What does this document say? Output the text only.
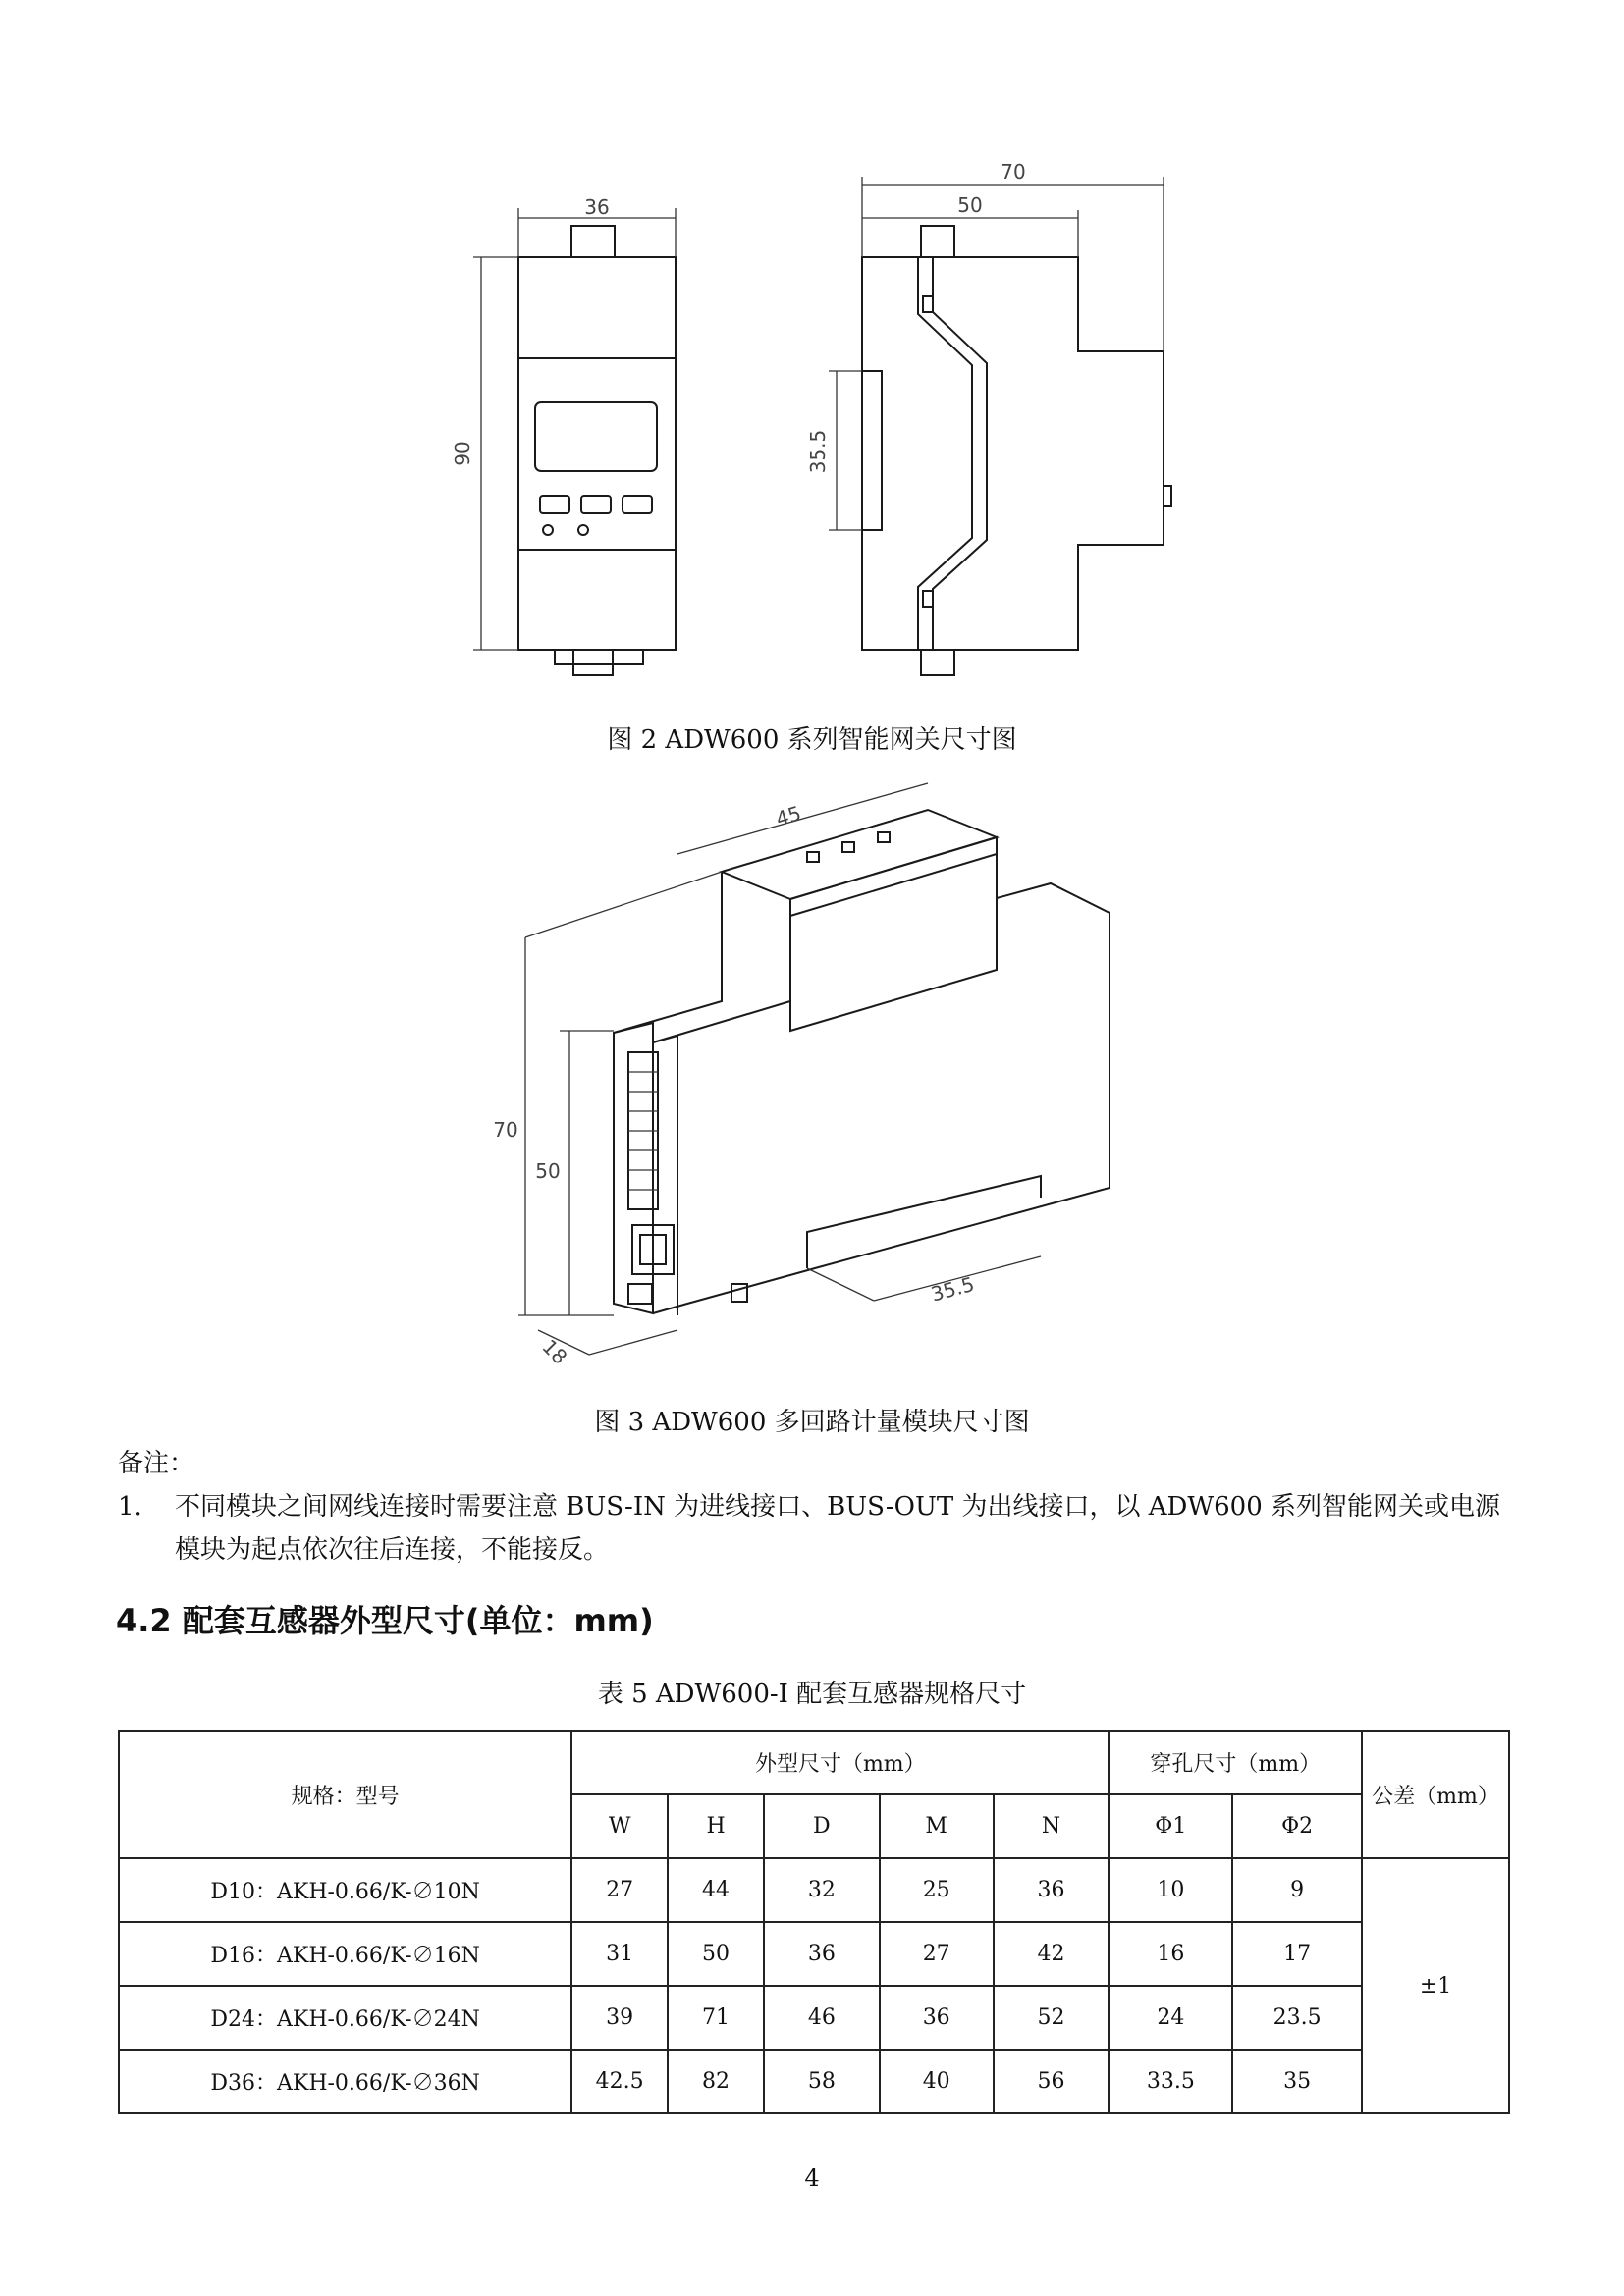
36
90
70
50
35.5
图 2 ADW600 系列智能网关尺寸图
45
70
50
35.5
18
图 3 ADW600 多回路计量模块尺寸图
备注：
1. 不同模块之间网线连接时需要注意 BUS-IN 为进线接口、BUS-OUT 为出线接口，以 ADW600 系列智能网关或电源模块为起点依次往后连接，不能接反。
4.2 配套互感器外型尺寸(单位：mm)
表 5 ADW600-I 配套互感器规格尺寸
规格：型号	外型尺寸（mm）					穿孔尺寸（mm）		公差（mm）
	W	H	D	M	N	Φ1	Φ2	
D10：AKH-0.66/K-∅10N	27	44	32	25	36	10	9	±1
D16：AKH-0.66/K-∅16N	31	50	36	27	42	16	17	
D24：AKH-0.66/K-∅24N	39	71	46	36	52	24	23.5	
D36：AKH-0.66/K-∅36N	42.5	82	58	40	56	33.5	35	
4
